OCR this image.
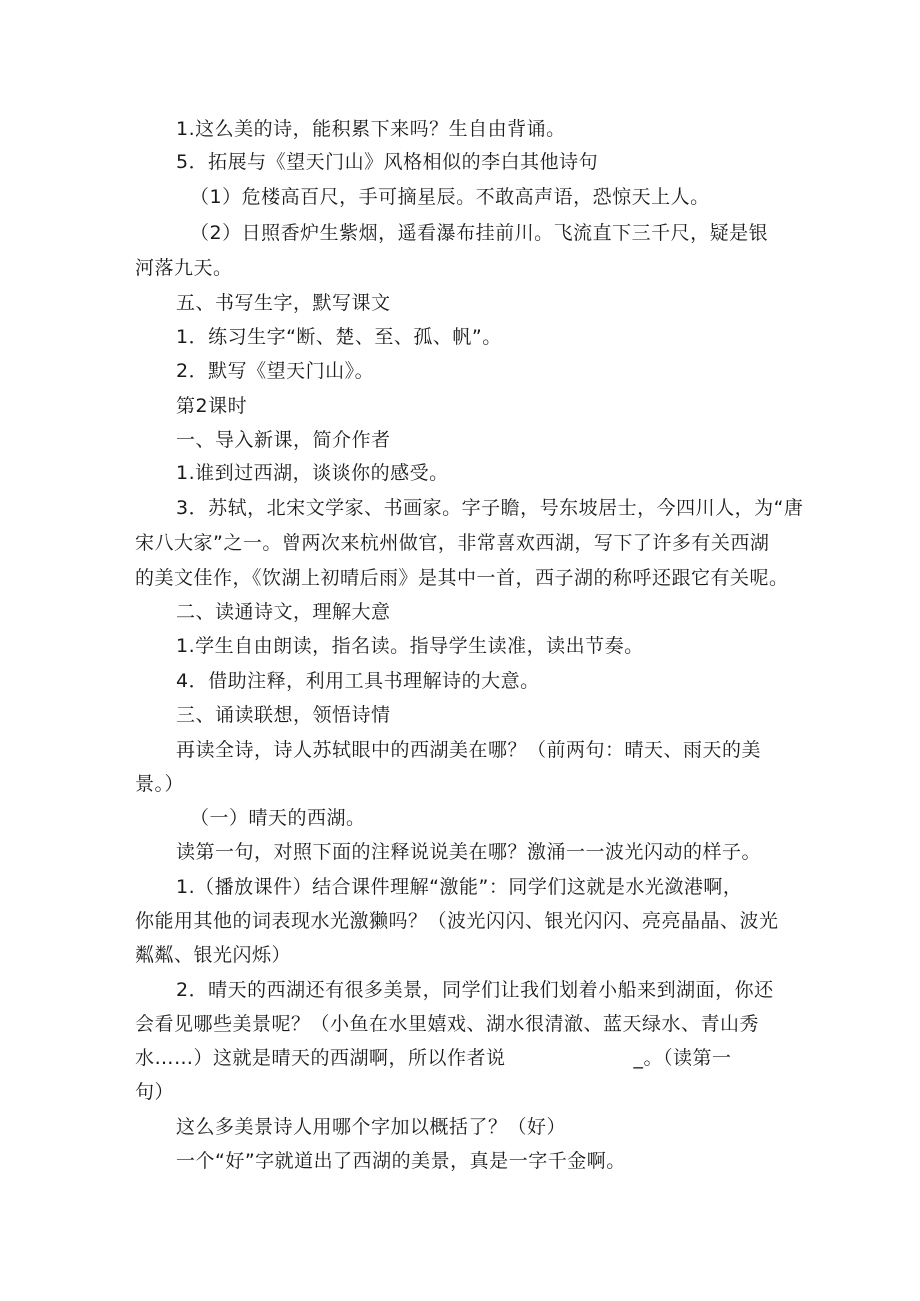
1.这么美的诗，能积累下来吗？生自由背诵。
5．拓展与《望天门山》风格相似的李白其他诗句
（1）危楼高百尺，手可摘星辰。不敢高声语，恐惊天上人。
（2）日照香炉生紫烟，遥看瀑布挂前川。飞流直下三千尺，疑是银
河落九天。
五、书写生字，默写课文
1．练习生字“断、楚、至、孤、帆”。
2．默写《望天门山》。
第2课时
一、导入新课，简介作者
1.谁到过西湖，谈谈你的感受。
3．苏轼，北宋文学家、书画家。字子瞻，号东坡居士，今四川人，为“唐
宋八大家”之一。曾两次来杭州做官，非常喜欢西湖，写下了许多有关西湖
的美文佳作，《饮湖上初晴后雨》是其中一首，西子湖的称呼还跟它有关呢。
二、读通诗文，理解大意
1.学生自由朗读，指名读。指导学生读准，读出节奏。
4．借助注释，利用工具书理解诗的大意。
三、诵读联想，领悟诗情
再读全诗，诗人苏轼眼中的西湖美在哪？（前两句：晴天、雨天的美
景。）
（一）晴天的西湖。
读第一句，对照下面的注释说说美在哪？激涌一一波光闪动的样子。
1.（播放课件）结合课件理解“激能”：同学们这就是水光潋港啊，
你能用其他的词表现水光激獭吗？（波光闪闪、银光闪闪、亮亮晶晶、波光
粼粼、银光闪烁）
2．晴天的西湖还有很多美景，同学们让我们划着小船来到湖面，你还
会看见哪些美景呢？（小鱼在水里嬉戏、湖水很清澈、蓝天绿水、青山秀
水……）这就是晴天的西湖啊，所以作者说	_。（读第一
句）
这么多美景诗人用哪个字加以概括了？（好）
一个“好”字就道出了西湖的美景，真是一字千金啊。
